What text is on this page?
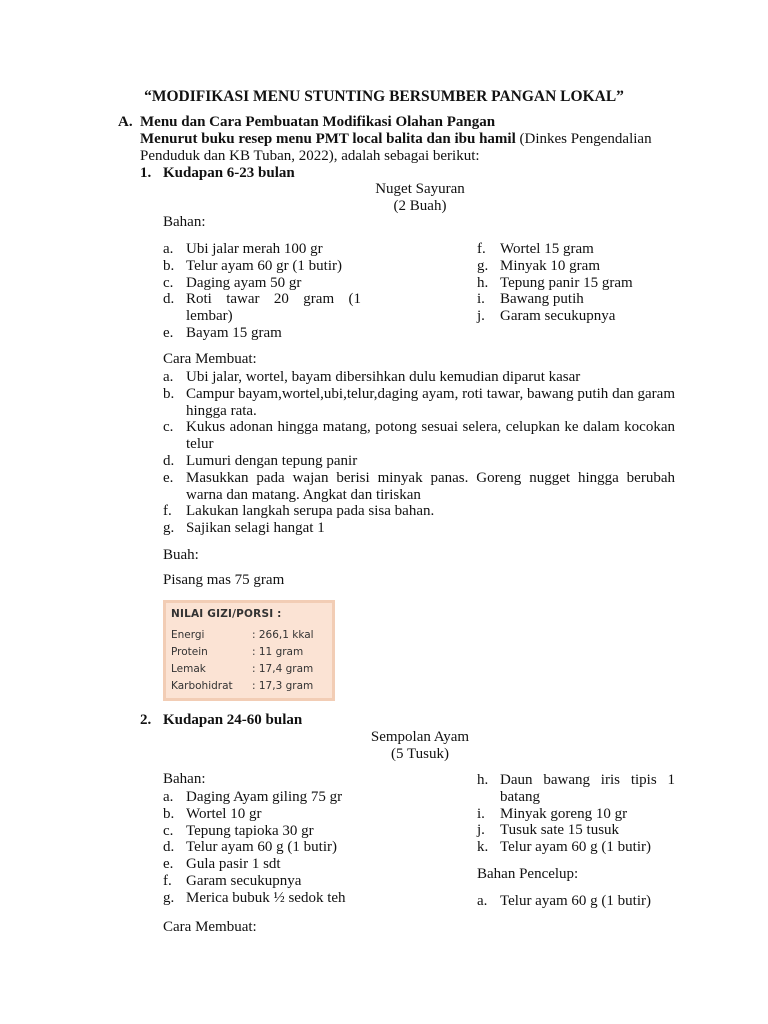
“MODIFIKASI MENU STUNTING BERSUMBER PANGAN LOKAL”
A. Menu dan Cara Pembuatan Modifikasi Olahan Pangan
Menurut buku resep menu PMT local balita dan ibu hamil (Dinkes Pengendalian
Penduduk dan KB Tuban, 2022), adalah sebagai berikut:
1. Kudapan 6-23 bulan
Nuget Sayuran
(2 Buah)
Bahan:
a. Ubi jalar merah 100 gr
b. Telur ayam 60 gr (1 butir)
c. Daging ayam 50 gr
d. Roti tawar 20 gram (1 lembar)
e. Bayam 15 gram
f. Wortel 15 gram
g. Minyak 10 gram
h. Tepung panir 15 gram
i. Bawang putih
j. Garam secukupnya
Cara Membuat:
a. Ubi jalar, wortel, bayam dibersihkan dulu kemudian diparut kasar
b. Campur bayam,wortel,ubi,telur,daging ayam, roti tawar, bawang putih dan garam hingga rata.
c. Kukus adonan hingga matang, potong sesuai selera, celupkan ke dalam kocokan telur
d. Lumuri dengan tepung panir
e. Masukkan pada wajan berisi minyak panas. Goreng nugget hingga berubah warna dan matang. Angkat dan tiriskan
f. Lakukan langkah serupa pada sisa bahan.
g. Sajikan selagi hangat 1
Buah:
Pisang mas 75 gram
NILAI GIZI/PORSI :
Energi	: 266,1 kkal
Protein	: 11 gram
Lemak	: 17,4 gram
Karbohidrat : 17,3 gram
2. Kudapan 24-60 bulan
Sempolan Ayam
(5 Tusuk)
Bahan:
a. Daging Ayam giling 75 gr
b. Wortel 10 gr
c. Tepung tapioka 30 gr
d. Telur ayam 60 g (1 butir)
e. Gula pasir 1 sdt
f. Garam secukupnya
g. Merica bubuk ½ sedok teh
h. Daun bawang iris tipis 1 batang
i. Minyak goreng 10 gr
j. Tusuk sate 15 tusuk
k. Telur ayam 60 g (1 butir)
Bahan Pencelup:
a. Telur ayam 60 g (1 butir)
Cara Membuat:
